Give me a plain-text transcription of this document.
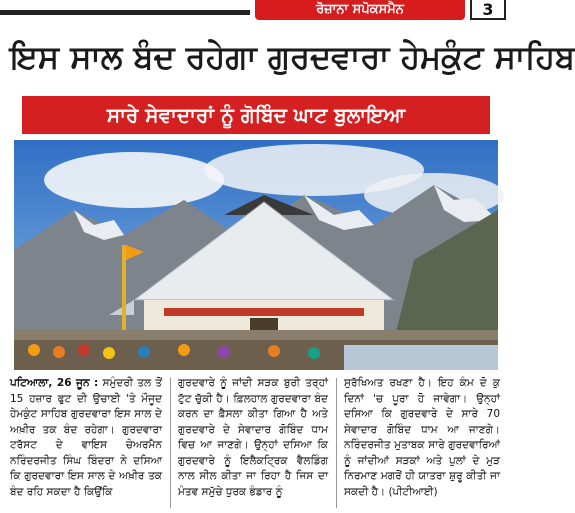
ਰੋਜ਼ਾਨਾ ਸਪੋਕਸਮੈਨ	3
ਇਸ ਸਾਲ ਬੰਦ ਰਹੇਗਾ ਗੁਰਦਵਾਰਾ ਹੇਮਕੁੰਟ ਸਾਹਿਬ
ਸਾਰੇ ਸੇਵਾਦਾਰਾਂ ਨੂੰ ਗੋਬਿੰਦ ਘਾਟ ਬੁਲਾਇਆ
ਪਟਿਆਲਾ, 26 ਜੂਨ : ਸਮੁੰਦਰੀ ਤਲ ਤੋਂ 15 ਹਜ਼ਾਰ ਫੁਟ ਦੀ ਉਚਾਈ 'ਤੇ ਮੌਜੂਦ ਹੇਮਕੁੰਟ ਸਾਹਿਬ ਗੁਰਦਵਾਰਾ ਇਸ ਸਾਲ ਦੇ ਅਖ਼ੀਰ ਤਕ ਬੰਦ ਰਹੇਗਾ। ਗੁਰਦਵਾਰਾ ਟਰੱਸਟ ਦੇ ਵਾਇਸ ਚੇਅਰਮੈਨ ਨਰਿੰਦਰਜੀਤ ਸਿੰਘ ਬਿੰਦਰਾ ਨੇ ਦਸਿਆ ਕਿ ਗੁਰਦਵਾਰਾ ਇਸ ਸਾਲ ਦੇ ਅਖ਼ੀਰ ਤਕ ਬੰਦ ਰਹਿ ਸਕਦਾ ਹੈ ਕਿਉਂਕਿ
ਗੁਰਦਵਾਰੇ ਨੂੰ ਜਾਂਦੀ ਸੜਕ ਬੁਰੀ ਤਰ੍ਹਾਂ ਟੁੱਟ ਚੁੱਕੀ ਹੈ। ਫ਼ਿਲਹਾਲ ਗੁਰਦਵਾਰਾ ਬੰਦ ਕਰਨ ਦਾ ਫ਼ੈਸਲਾ ਕੀਤਾ ਗਿਆ ਹੈ ਅਤੇ ਗੁਰਦਵਾਰੇ ਦੇ ਸੇਵਾਦਾਰ ਗੋਬਿੰਦ ਧਾਮ ਵਿਚ ਆ ਜਾਣਗੇ। ਉਨ੍ਹਾਂ ਦਸਿਆ ਕਿ ਗੁਰਦਵਾਰੇ ਨੂੰ ਇਲੈਕਟ੍ਰਿਕ ਵੈਲਡਿੰਗ ਨਾਲ ਸੀਲ ਕੀਤਾ ਜਾ ਰਿਹਾ ਹੈ ਜਿਸ ਦਾ ਮੰਤਵ ਸਮੁੱਚੇ ਧੁਰਕ ਭੰਡਾਰ ਨੂੰ
ਸੁਰੱਖਿਅਤ ਰਖਣਾ ਹੈ। ਇਹ ਕੰਮ ਦੋ ਕੁ ਦਿਨਾਂ 'ਚ ਪੂਰਾ ਹੋ ਜਾਵੇਗਾ। ਉਨ੍ਹਾਂ ਦਸਿਆ ਕਿ ਗੁਰਦਵਾਰੇ ਦੇ ਸਾਰੇ 70 ਸੇਵਾਦਾਰ ਗੋਬਿੰਦ ਧਾਮ ਆ ਜਾਣਗੇ। ਨਰਿੰਦਰਜੀਤ ਮੁਤਾਬਕ ਸਾਰੇ ਗੁਰਦਵਾਰਿਆਂ ਨੂੰ ਜਾਂਦੀਆਂ ਸੜਕਾਂ ਅਤੇ ਪੁਲਾਂ ਦੇ ਮੁੜ ਨਿਰਮਾਣ ਮਗਰੋਂ ਹੀ ਯਾਤਰਾ ਸ਼ੁਰੂ ਕੀਤੀ ਜਾ ਸਕਦੀ ਹੈ। (ਪੀਟੀਆਈ)
